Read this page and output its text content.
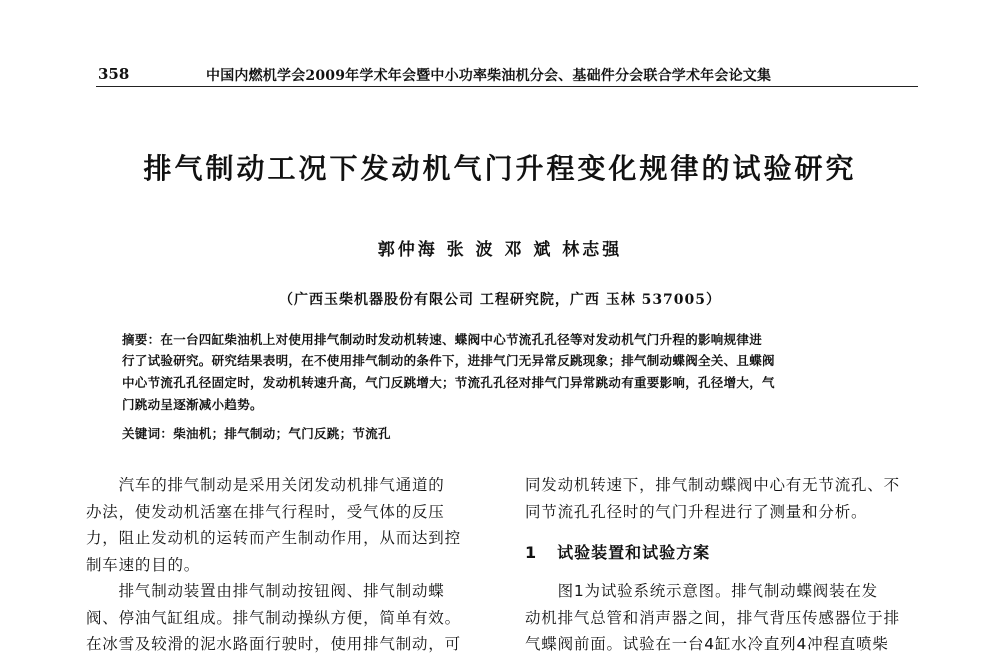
358	中国内燃机学会2009年学术年会暨中小功率柴油机分会、基础件分会联合学术年会论文集
排气制动工况下发动机气门升程变化规律的试验研究
郭仲海 张 波 邓 斌 林志强
（广西玉柴机器股份有限公司 工程研究院，广西 玉林 537005）
摘要：在一台四缸柴油机上对使用排气制动时发动机转速、蝶阀中心节流孔孔径等对发动机气门升程的影响规律进
行了试验研究。研究结果表明，在不使用排气制动的条件下，进排气门无异常反跳现象；排气制动蝶阀全关、且蝶阀
中心节流孔孔径固定时，发动机转速升高，气门反跳增大；节流孔孔径对排气门异常跳动有重要影响，孔径增大，气
门跳动呈逐渐减小趋势。
关键词：柴油机；排气制动；气门反跳；节流孔
　　汽车的排气制动是采用关闭发动机排气通道的
办法，使发动机活塞在排气行程时，受气体的反压
力，阻止发动机的运转而产生制动作用，从而达到控
制车速的目的。
　　排气制动装置由排气制动按钮阀、排气制动蝶
阀、停油气缸组成。排气制动操纵方便，简单有效。
在冰雪及较滑的泥水路面行驶时，使用排气制动，可
同发动机转速下，排气制动蝶阀中心有无节流孔、不
同节流孔孔径时的气门升程进行了测量和分析。
1 试验装置和试验方案
　　图1为试验系统示意图。排气制动蝶阀装在发
动机排气总管和消声器之间，排气背压传感器位于排
气蝶阀前面。试验在一台4缸水冷直列4冲程直喷柴
